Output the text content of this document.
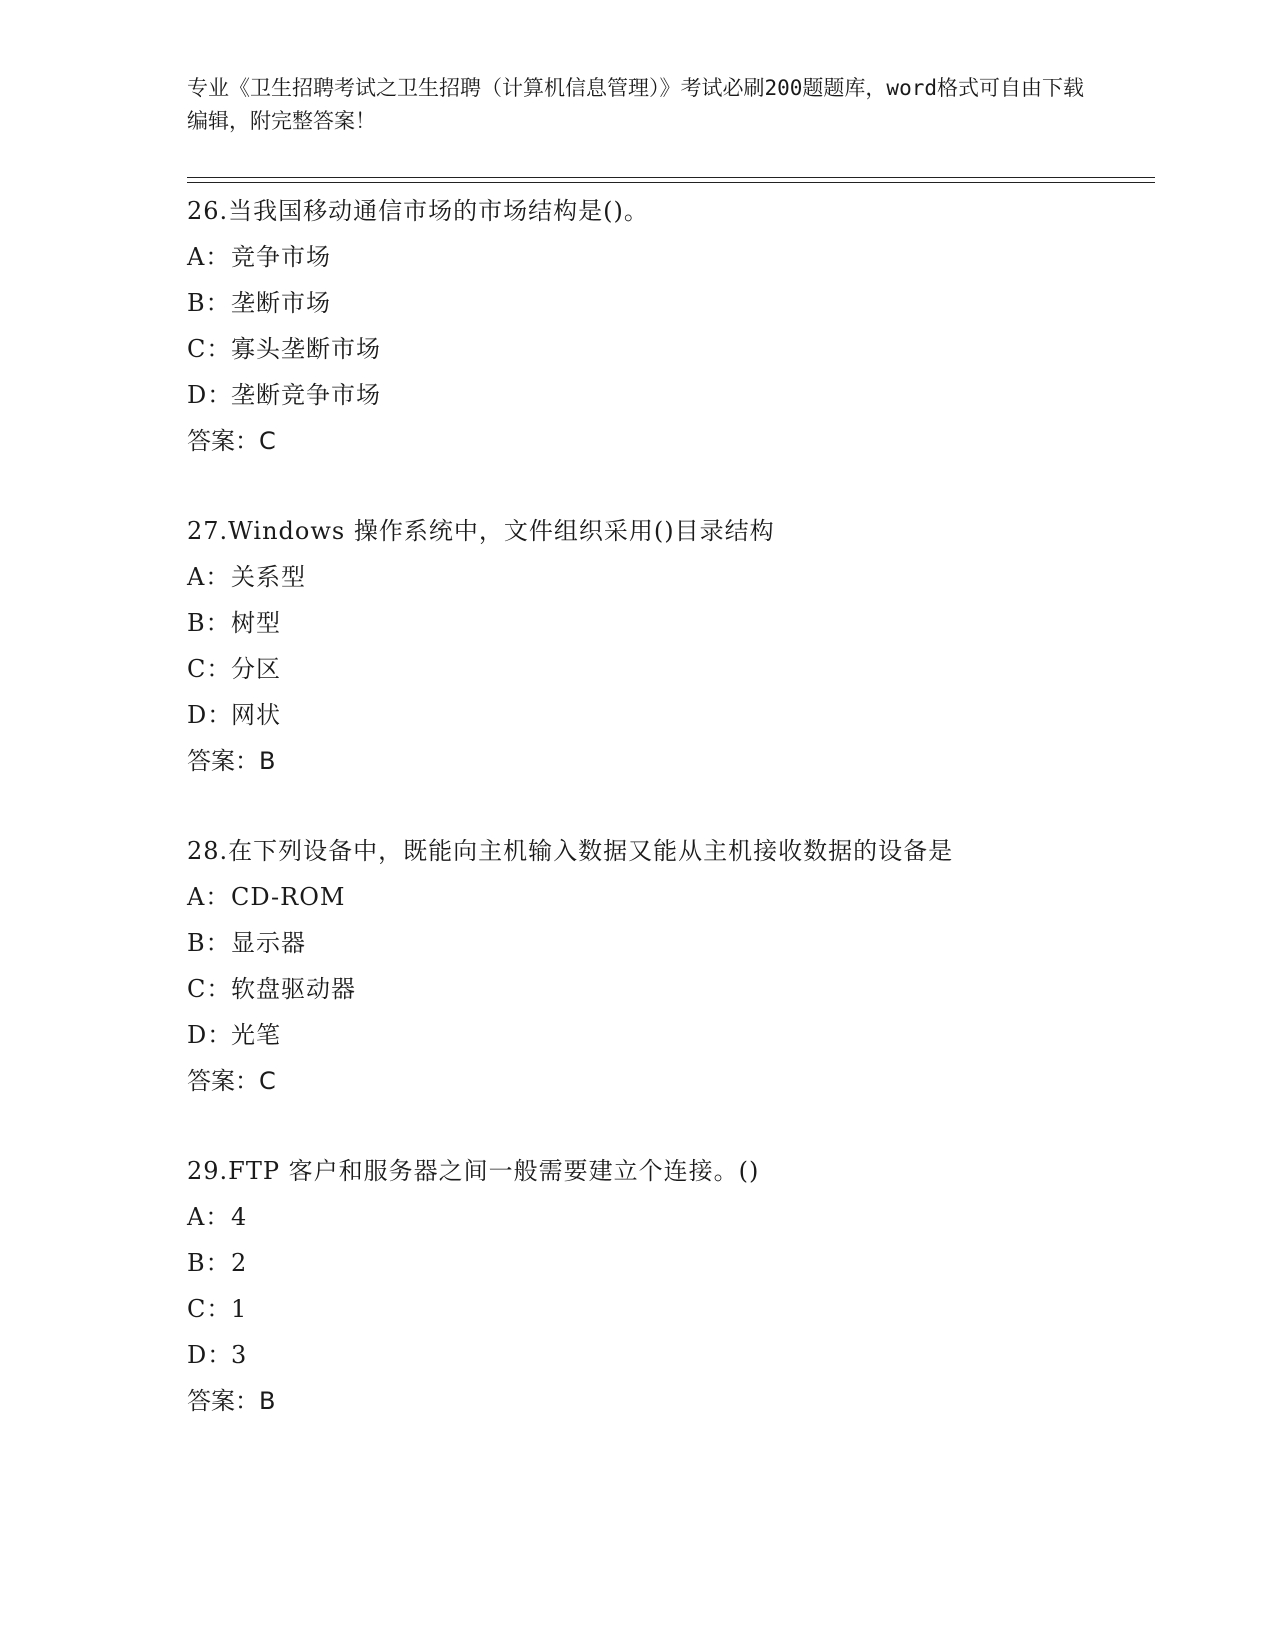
专业《卫生招聘考试之卫生招聘（计算机信息管理）》考试必刷200题题库，word格式可自由下载编辑，附完整答案！
26.当我国移动通信市场的市场结构是()。
A：竞争市场
B：垄断市场
C：寡头垄断市场
D：垄断竞争市场
答案：C
27.Windows 操作系统中，文件组织采用()目录结构
A：关系型
B：树型
C：分区
D：网状
答案：B
28.在下列设备中，既能向主机输入数据又能从主机接收数据的设备是
A：CD-ROM
B：显示器
C：软盘驱动器
D：光笔
答案：C
29.FTP 客户和服务器之间一般需要建立个连接。()
A：4
B：2
C：1
D：3
答案：B
